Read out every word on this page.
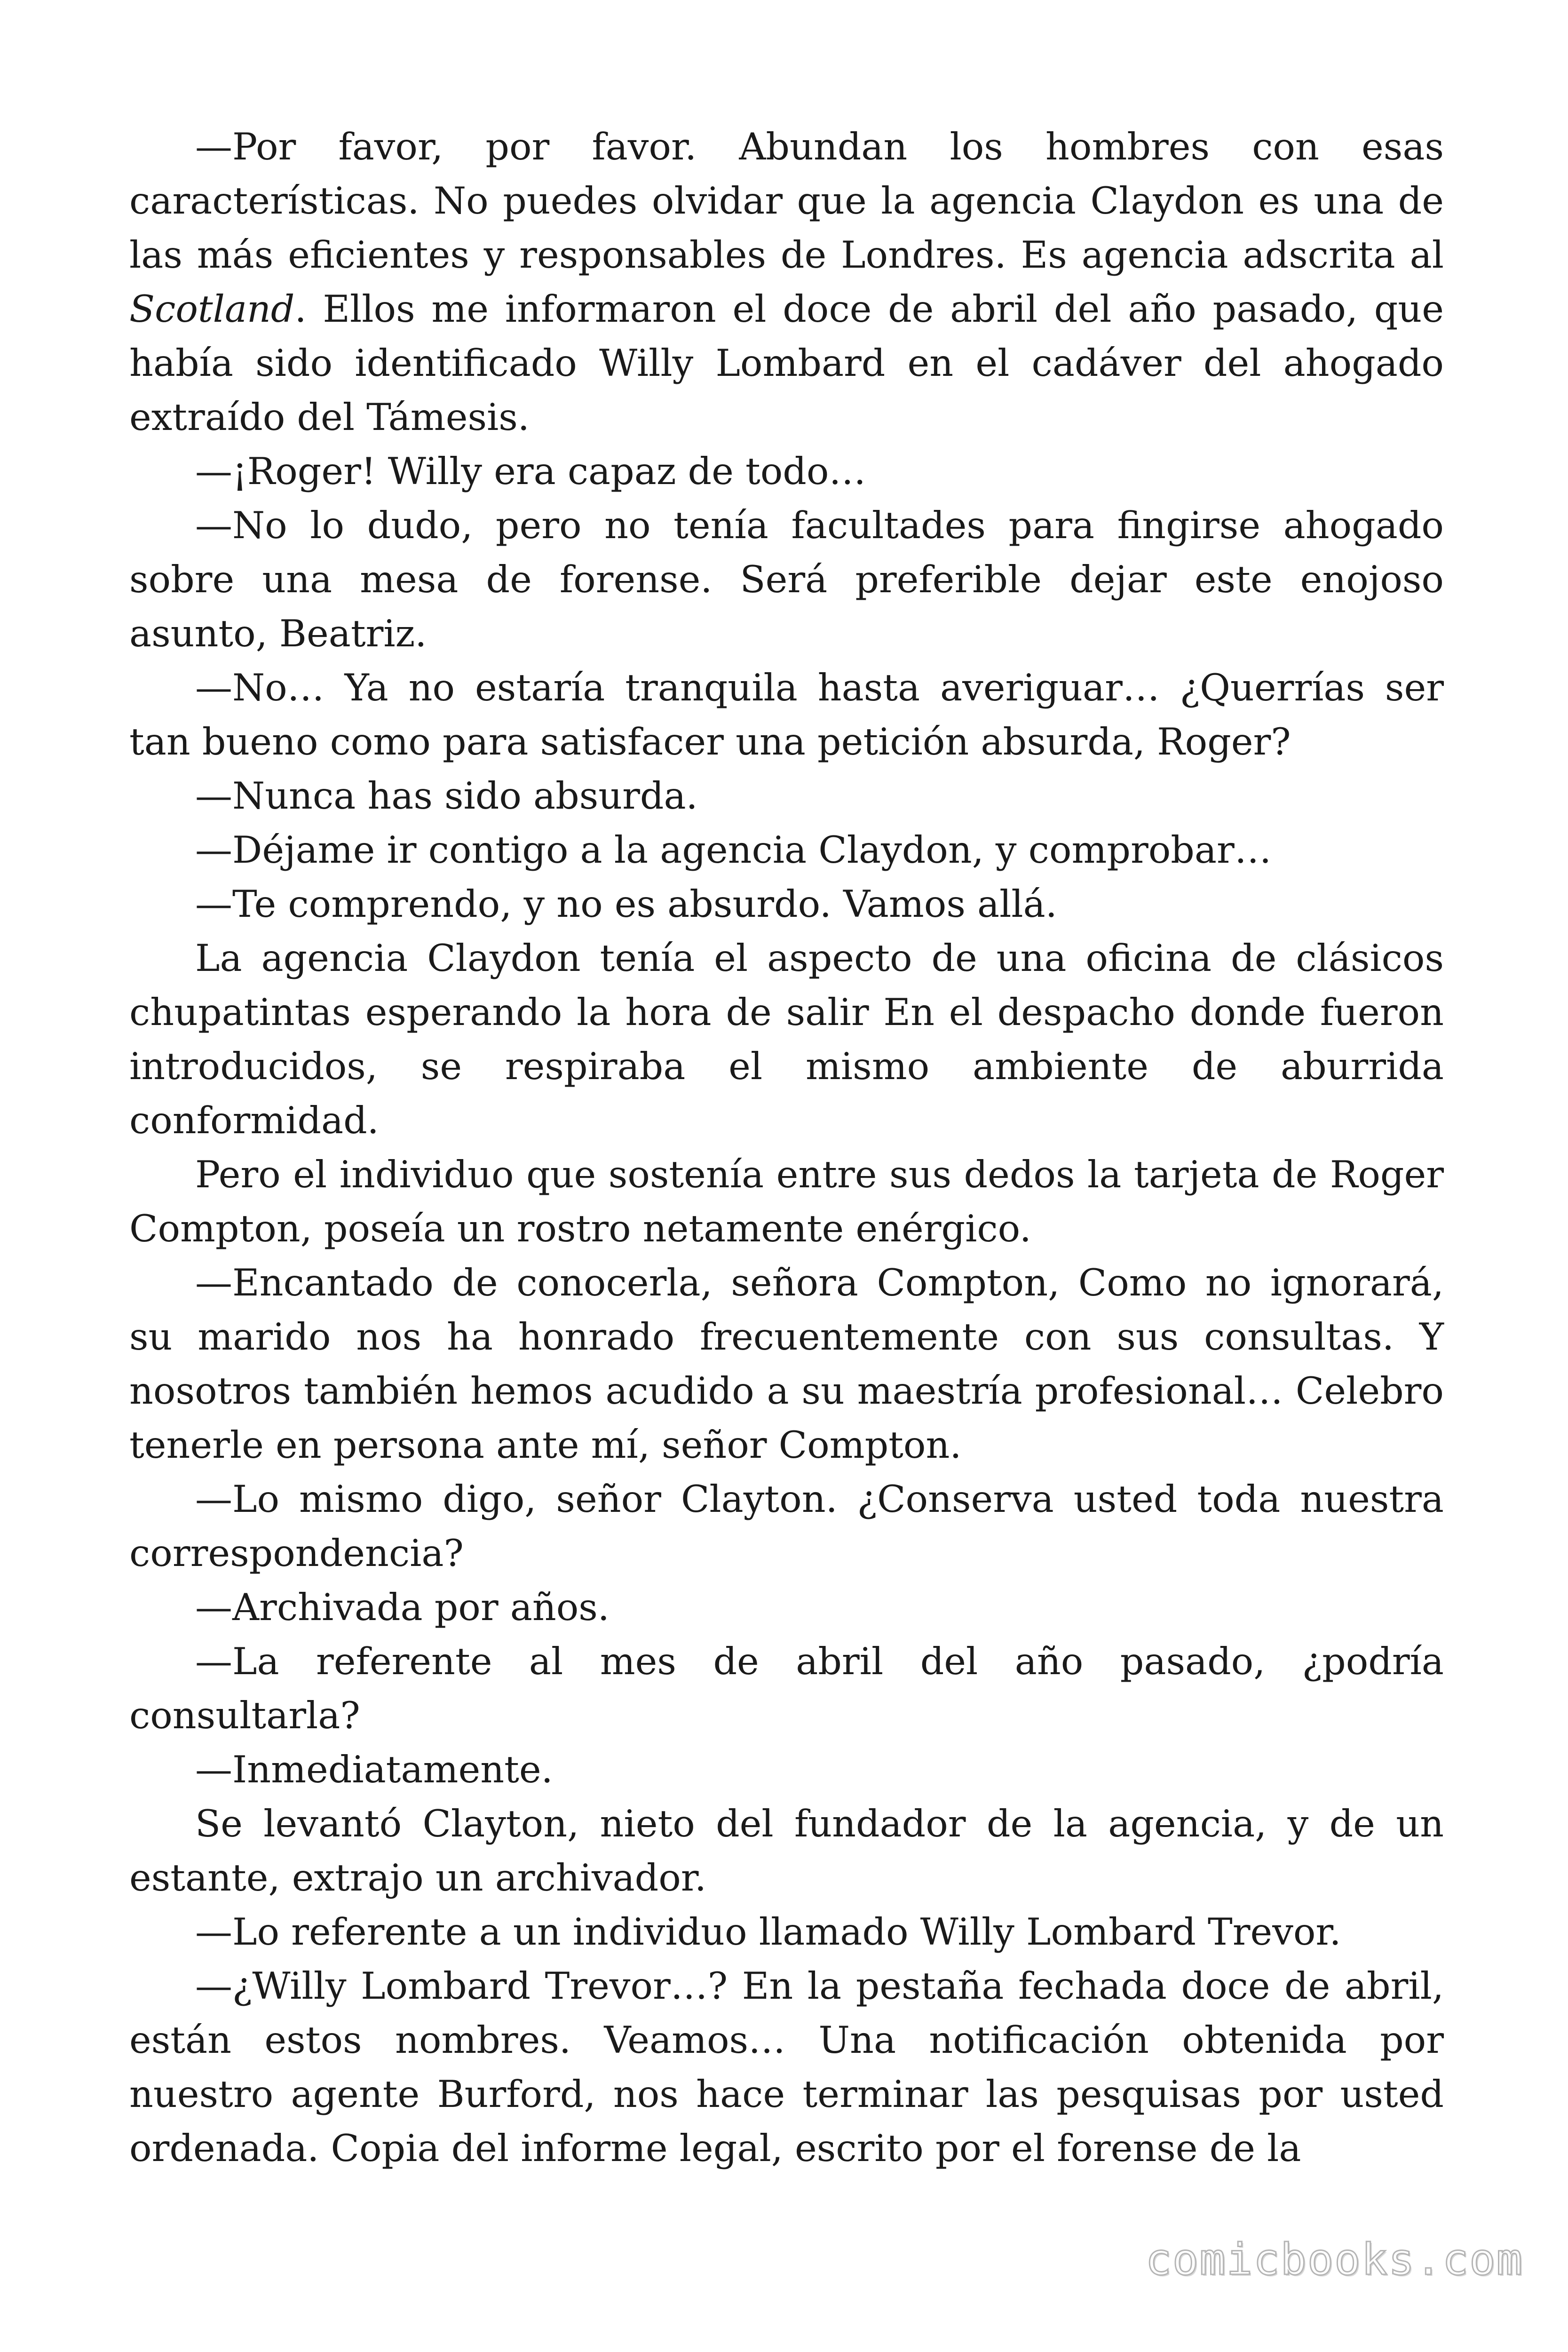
—Por favor, por favor. Abundan los hombres con esas características. No puedes olvidar que la agencia Claydon es una de las más eficientes y responsables de Londres. Es agencia adscrita al Scotland. Ellos me informaron el doce de abril del año pasado, que había sido identificado Willy Lombard en el cadáver del ahogado extraído del Támesis.

—¡Roger! Willy era capaz de todo…

—No lo dudo, pero no tenía facultades para fingirse ahogado sobre una mesa de forense. Será preferible dejar este enojoso asunto, Beatriz.

—No… Ya no estaría tranquila hasta averiguar… ¿Querrías ser tan bueno como para satisfacer una petición absurda, Roger?

—Nunca has sido absurda.

—Déjame ir contigo a la agencia Claydon, y comprobar…

—Te comprendo, y no es absurdo. Vamos allá.

La agencia Claydon tenía el aspecto de una oficina de clásicos chupatintas esperando la hora de salir En el despacho donde fueron introducidos, se respiraba el mismo ambiente de aburrida conformidad.

Pero el individuo que sostenía entre sus dedos la tarjeta de Roger Compton, poseía un rostro netamente enérgico.

—Encantado de conocerla, señora Compton, Como no ignorará, su marido nos ha honrado frecuentemente con sus consultas. Y nosotros también hemos acudido a su maestría profesional… Celebro tenerle en persona ante mí, señor Compton.

—Lo mismo digo, señor Clayton. ¿Conserva usted toda nuestra correspondencia?

—Archivada por años.

—La referente al mes de abril del año pasado, ¿podría consultarla?

—Inmediatamente.

Se levantó Clayton, nieto del fundador de la agencia, y de un estante, extrajo un archivador.

—Lo referente a un individuo llamado Willy Lombard Trevor.

—¿Willy Lombard Trevor…? En la pestaña fechada doce de abril, están estos nombres. Veamos… Una notificación obtenida por nuestro agente Burford, nos hace terminar las pesquisas por usted ordenada. Copia del informe legal, escrito por el forense de la

comicbooks.com
